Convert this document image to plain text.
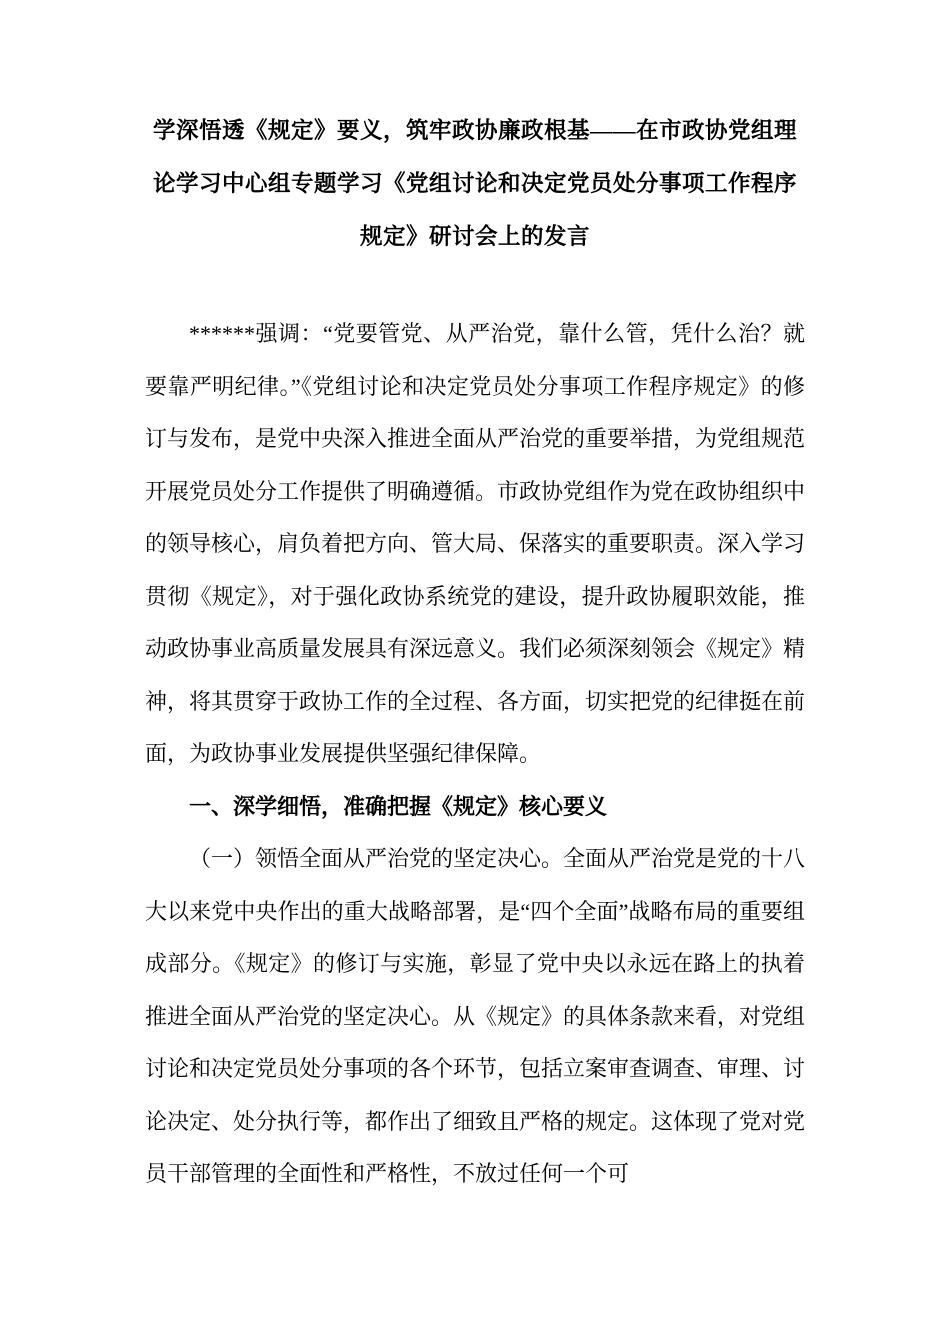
学深悟透《规定》要义，筑牢政协廉政根基——在市政协党组理论学习中心组专题学习《党组讨论和决定党员处分事项工作程序规定》研讨会上的发言

******强调：“党要管党、从严治党，靠什么管，凭什么治？就要靠严明纪律。”《党组讨论和决定党员处分事项工作程序规定》的修订与发布，是党中央深入推进全面从严治党的重要举措，为党组规范开展党员处分工作提供了明确遵循。市政协党组作为党在政协组织中的领导核心，肩负着把方向、管大局、保落实的重要职责。深入学习贯彻《规定》，对于强化政协系统党的建设，提升政协履职效能，推动政协事业高质量发展具有深远意义。我们必须深刻领会《规定》精神，将其贯穿于政协工作的全过程、各方面，切实把党的纪律挺在前面，为政协事业发展提供坚强纪律保障。

一、深学细悟，准确把握《规定》核心要义

（一）领悟全面从严治党的坚定决心。全面从严治党是党的十八大以来党中央作出的重大战略部署，是“四个全面”战略布局的重要组成部分。《规定》的修订与实施，彰显了党中央以永远在路上的执着推进全面从严治党的坚定决心。从《规定》的具体条款来看，对党组讨论和决定党员处分事项的各个环节，包括立案审查调查、审理、讨论决定、处分执行等，都作出了细致且严格的规定。这体现了党对党员干部管理的全面性和严格性，不放过任何一个可
